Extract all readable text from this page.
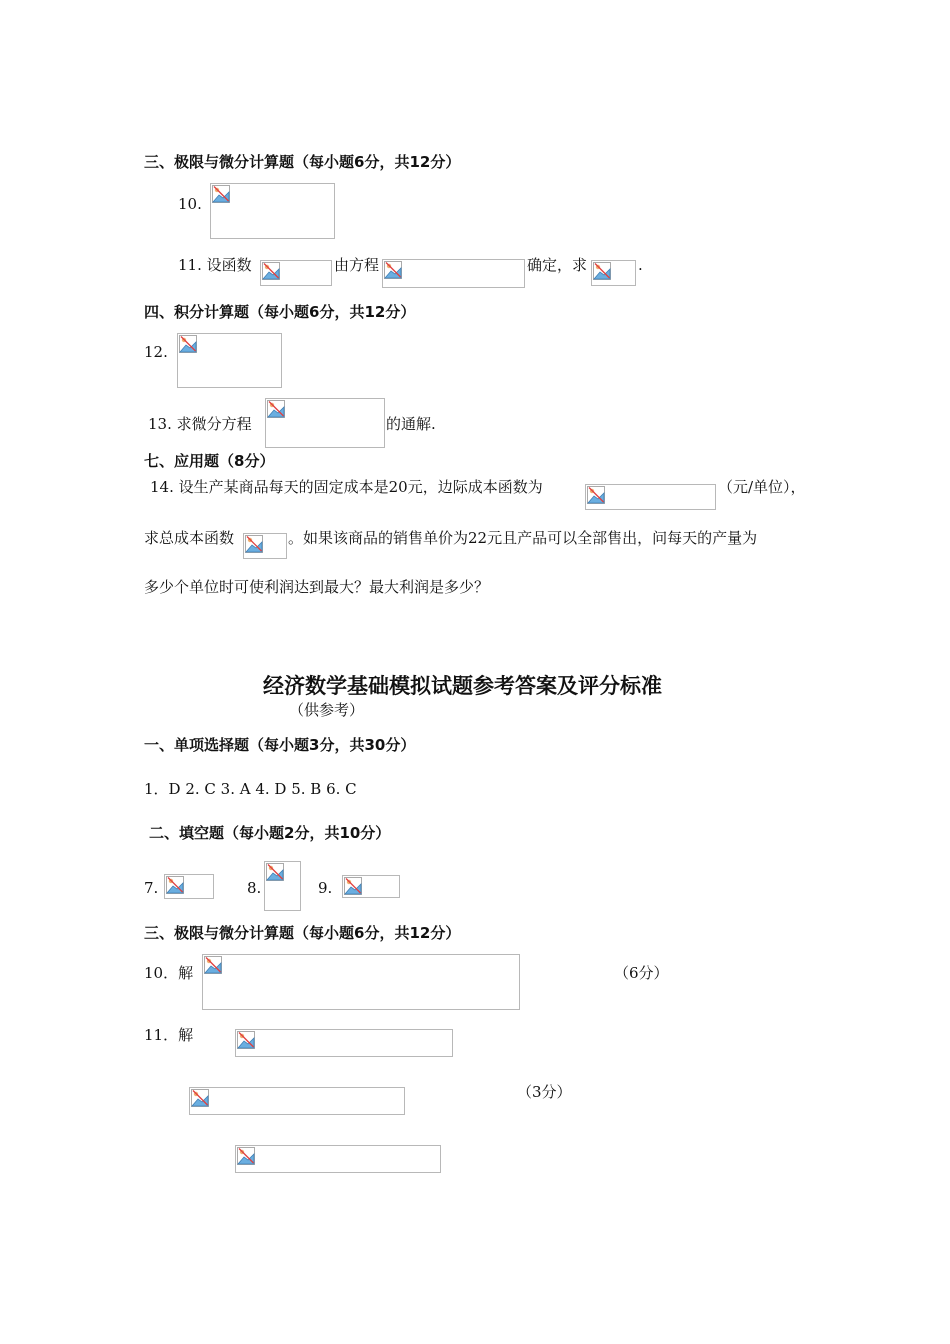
三、极限与微分计算题（每小题6分，共12分）
10.
11. 设函数	由方程	确定，求	.
四、积分计算题（每小题6分，共12分）
12.
13. 求微分方程	的通解.
七、应用题（8分）
14. 设生产某商品每天的固定成本是20元，边际成本函数为	（元/单位），
求总成本函数	。如果该商品的销售单价为22元且产品可以全部售出，问每天的产量为
多少个单位时可使利润达到最大？最大利润是多少？
经济数学基础模拟试题参考答案及评分标准
（供参考）
一、单项选择题（每小题3分，共30分）
1．D 2. C 3. A 4. D 5. B 6. C
二、填空题（每小题2分，共10分）
7.	8.	9.
三、极限与微分计算题（每小题6分，共12分）
10．解	（6分）
11．解
（3分）
